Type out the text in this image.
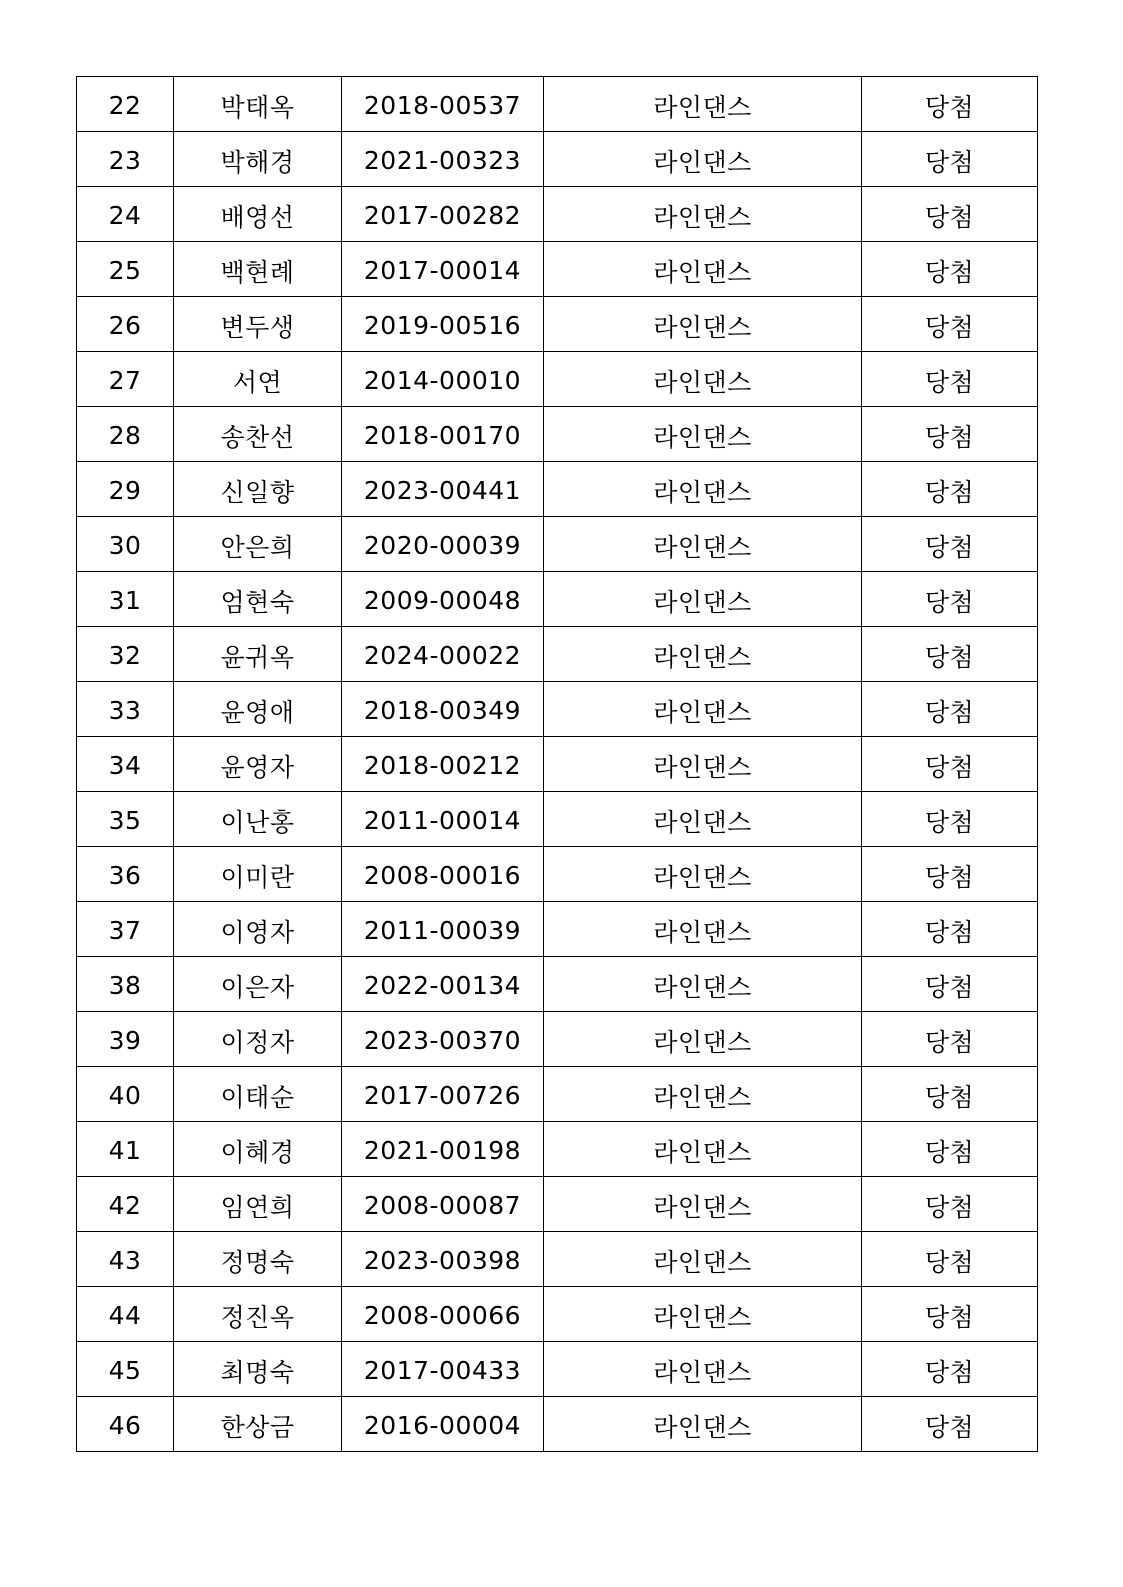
22	박태옥	2018-00537	라인댄스	당첨
23	박해경	2021-00323	라인댄스	당첨
24	배영선	2017-00282	라인댄스	당첨
25	백현례	2017-00014	라인댄스	당첨
26	변두생	2019-00516	라인댄스	당첨
27	서연	2014-00010	라인댄스	당첨
28	송찬선	2018-00170	라인댄스	당첨
29	신일향	2023-00441	라인댄스	당첨
30	안은희	2020-00039	라인댄스	당첨
31	엄현숙	2009-00048	라인댄스	당첨
32	윤귀옥	2024-00022	라인댄스	당첨
33	윤영애	2018-00349	라인댄스	당첨
34	윤영자	2018-00212	라인댄스	당첨
35	이난홍	2011-00014	라인댄스	당첨
36	이미란	2008-00016	라인댄스	당첨
37	이영자	2011-00039	라인댄스	당첨
38	이은자	2022-00134	라인댄스	당첨
39	이정자	2023-00370	라인댄스	당첨
40	이태순	2017-00726	라인댄스	당첨
41	이혜경	2021-00198	라인댄스	당첨
42	임연희	2008-00087	라인댄스	당첨
43	정명숙	2023-00398	라인댄스	당첨
44	정진옥	2008-00066	라인댄스	당첨
45	최명숙	2017-00433	라인댄스	당첨
46	한상금	2016-00004	라인댄스	당첨
